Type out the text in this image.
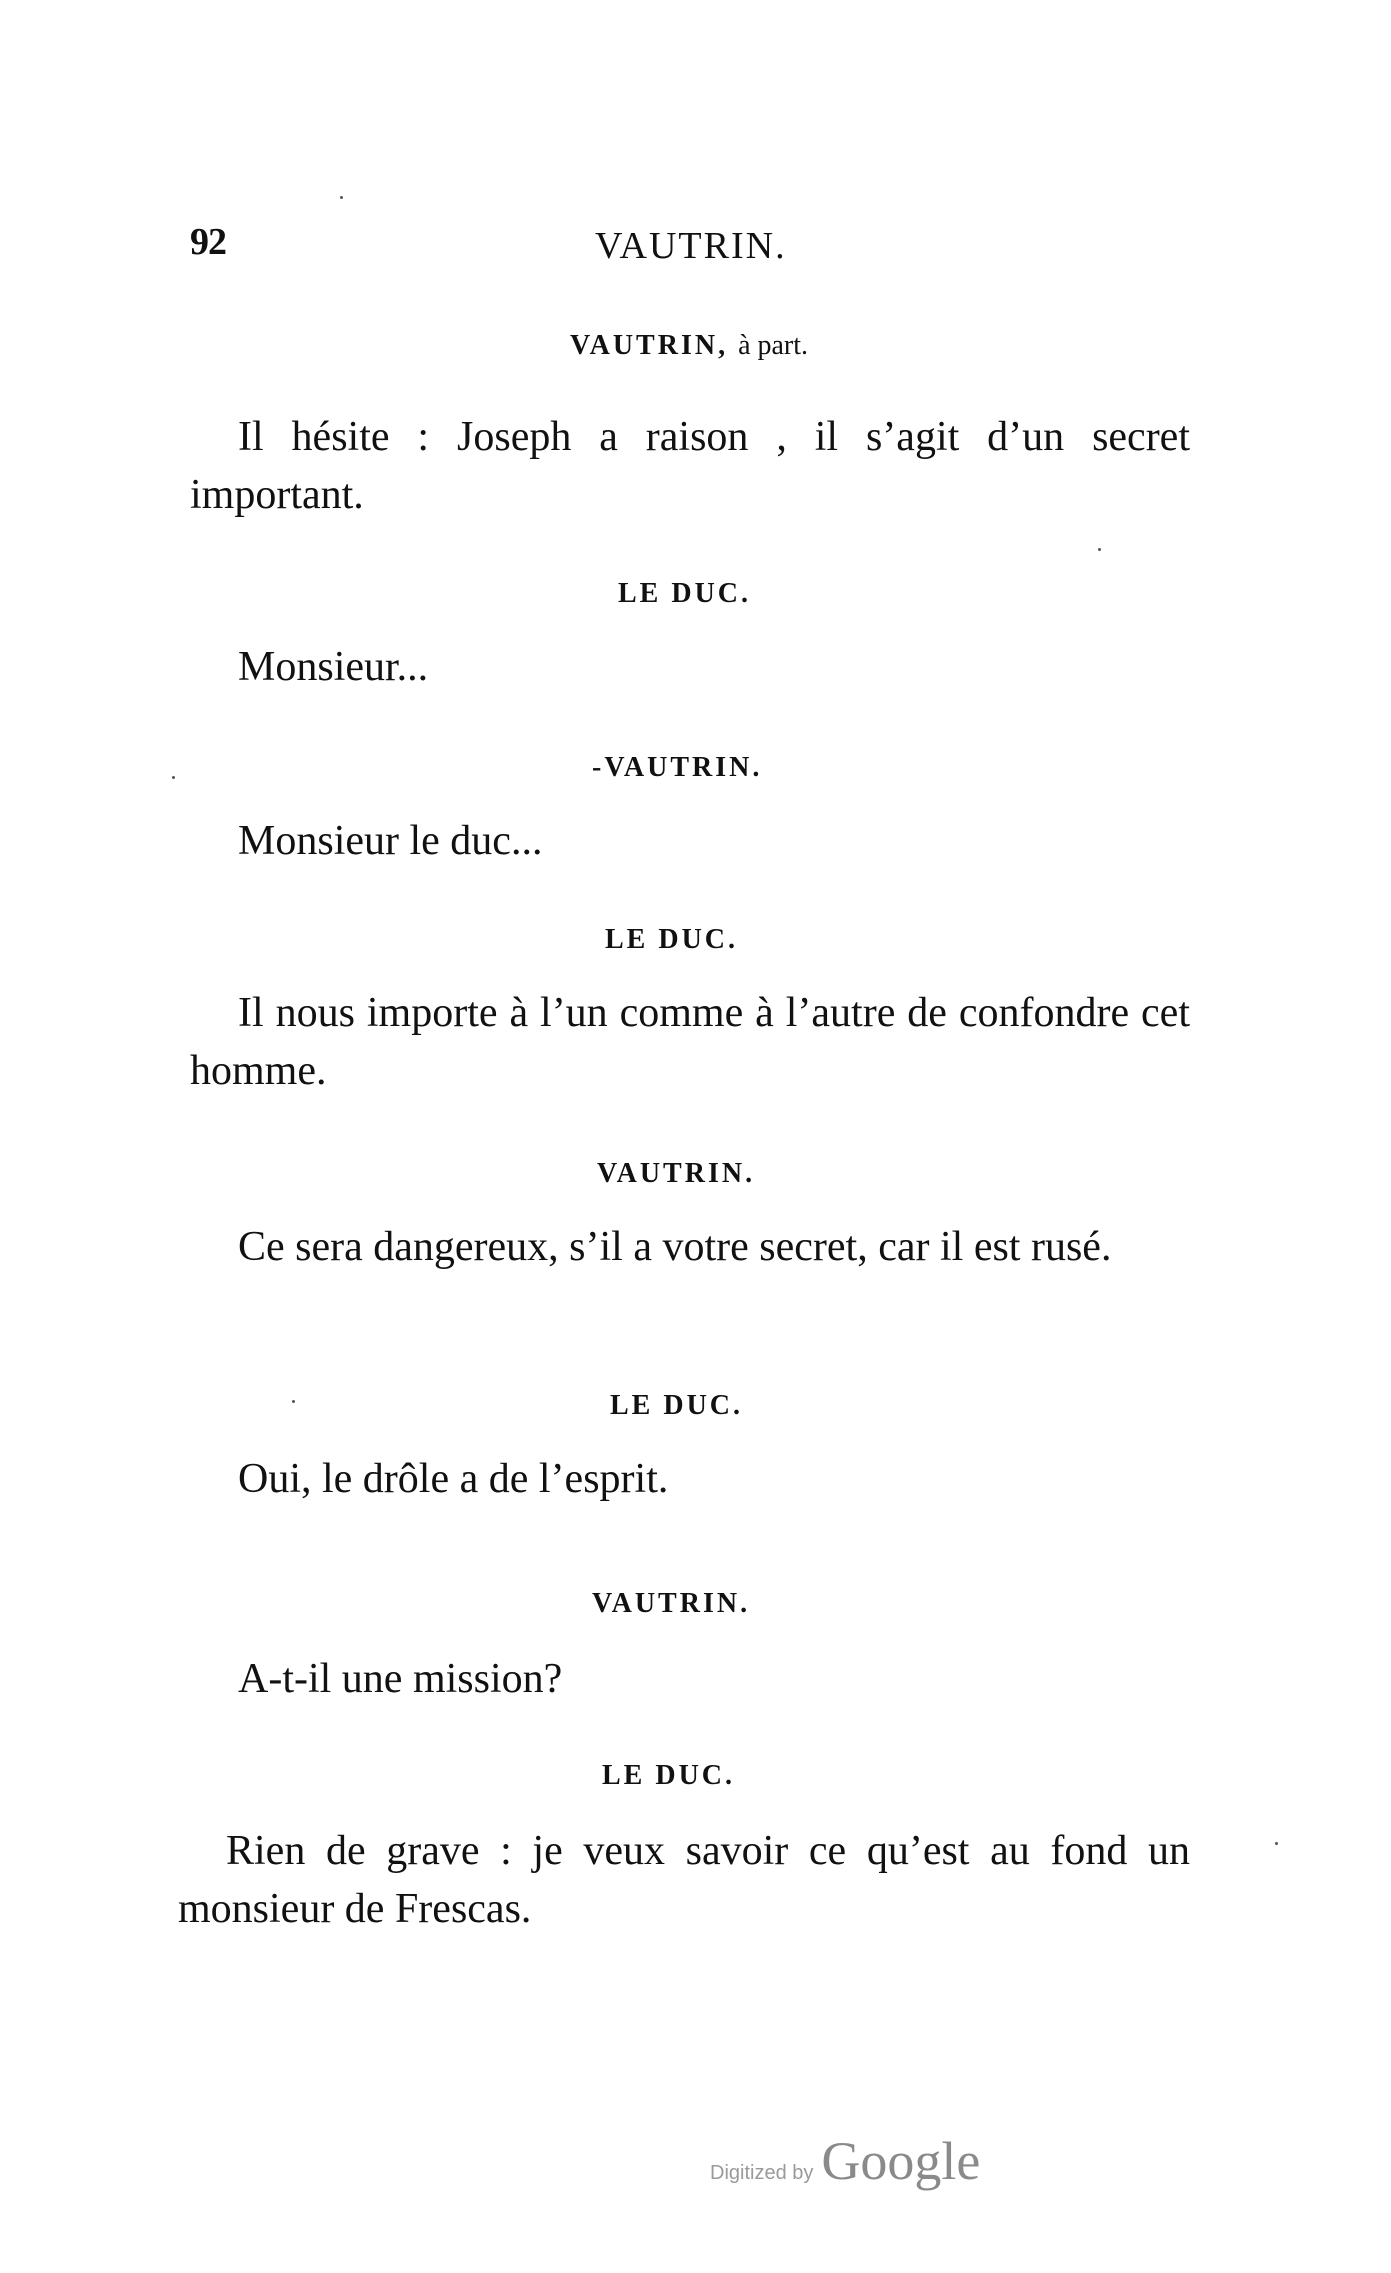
92	VAUTRIN.
VAUTRIN, à part.

Il hésite : Joseph a raison , il s’agit d’un secret important.

LE DUC.

Monsieur...

-VAUTRIN.

Monsieur le duc...

LE DUC.

Il nous importe à l’un comme à l’autre de confondre cet homme.

VAUTRIN.

Ce sera dangereux, s’il a votre secret, car il est rusé.

LE DUC.

Oui, le drôle a de l’esprit.

VAUTRIN.

A-t-il une mission?

LE DUC.

Rien de grave : je veux savoir ce qu’est au fond un monsieur de Frescas.

Digitized by Google
